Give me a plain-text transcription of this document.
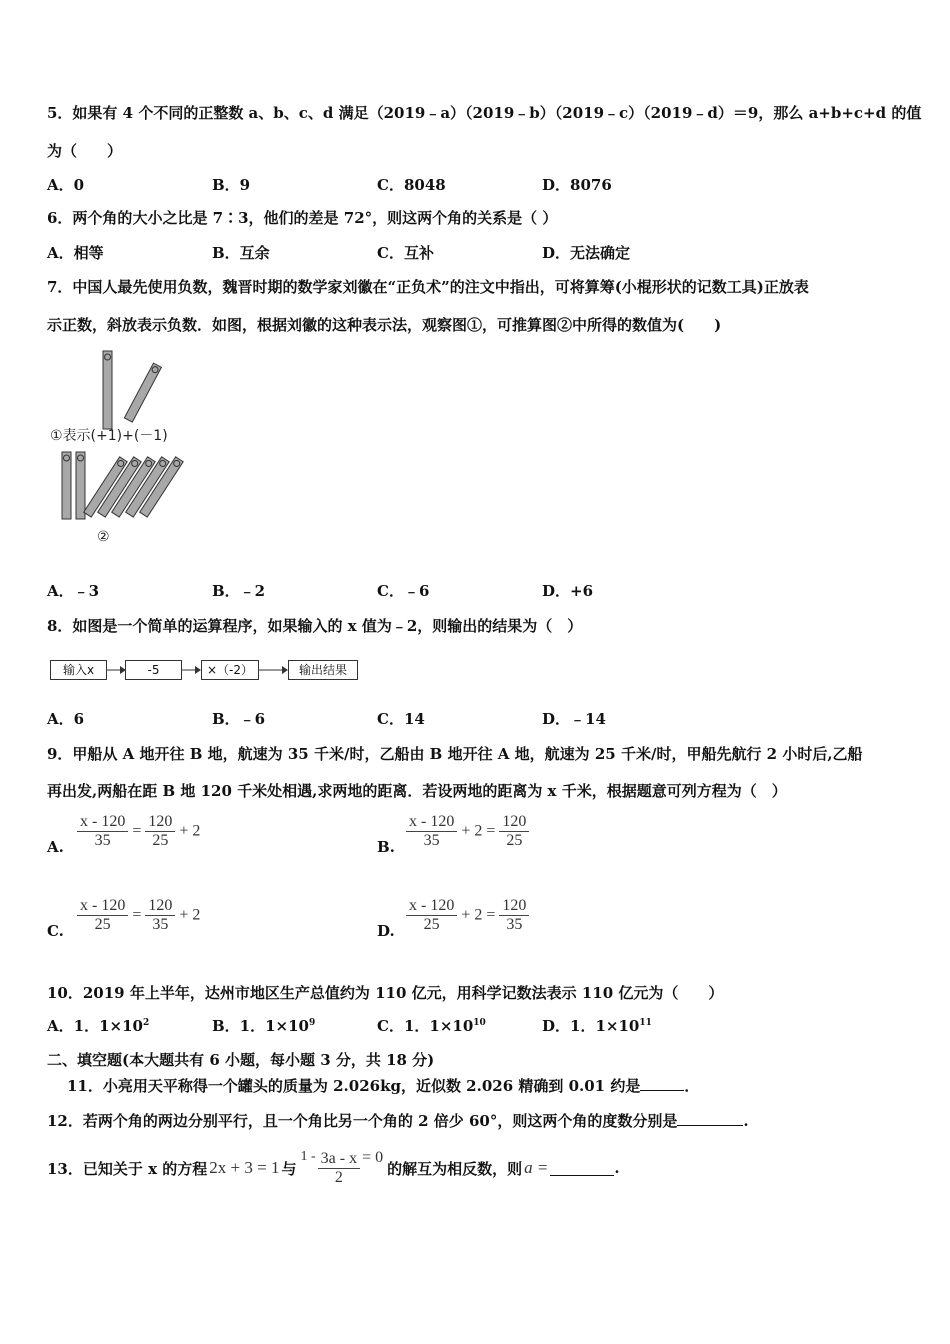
5．如果有 4 个不同的正整数 a、b、c、d 满足（2019﹣a）（2019﹣b）（2019﹣c）（2019﹣d）＝9，那么 a+b+c+d 的值
为（　　）
A．0	B．9	C．8048	D．8076
6．两个角的大小之比是 7∶3，他们的差是 72°，则这两个角的关系是（ ）
A．相等	B．互余	C．互补	D．无法确定
7．中国人最先使用负数，魏晋时期的数学家刘徽在“正负术”的注文中指出，可将算筹(小棍形状的记数工具)正放表
示正数，斜放表示负数．如图，根据刘徽的这种表示法，观察图①，可推算图②中所得的数值为(　　)
①表示(+1)+(－1)
②
A．﹣3	B．﹣2	C．﹣6	D．+6
8．如图是一个简单的运算程序，如果输入的 x 值为﹣2，则输出的结果为（　）
输入x	-5	×（-2）	输出结果
A．6	B．﹣6	C．14	D．﹣14
9．甲船从 A 地开往 B 地，航速为 35 千米/时，乙船由 B 地开往 A 地，航速为 25 千米/时，甲船先航行 2 小时后,乙船
再出发,两船在距 B 地 120 千米处相遇,求两地的距离．若设两地的距离为 x 千米，根据题意可列方程为（　）
A. $\frac{x - 120}{35} = \frac{120}{25} + 2$
B. $\frac{x - 120}{35} + 2 = \frac{120}{25}$
C. $\frac{x - 120}{25} = \frac{120}{35} + 2$
D. $\frac{x - 120}{25} + 2 = \frac{120}{35}$
10．2019 年上半年，达州市地区生产总值约为 110 亿元，用科学记数法表示 110 亿元为（　　）
A．1．$1\times 10^2$	B．1．$1\times 10^9$	C．1．$1\times 10^{10}$	D．1．$1\times 10^{11}$
二、填空题(本大题共有 6 小题，每小题 3 分，共 18 分)
11．小亮用天平称得一个罐头的质量为 2.026kg，近似数 2.026 精确到 0.01 约是	．
12．若两个角的两边分别平行，且一个角比另一个角的 2 倍少 60°，则这两个角的度数分别是	.
13．已知关于 x 的方程 2x + 3 = 1 与
$1 - \frac{3a - x}{2} = 0$
的解互为相反数，则 a =	.
